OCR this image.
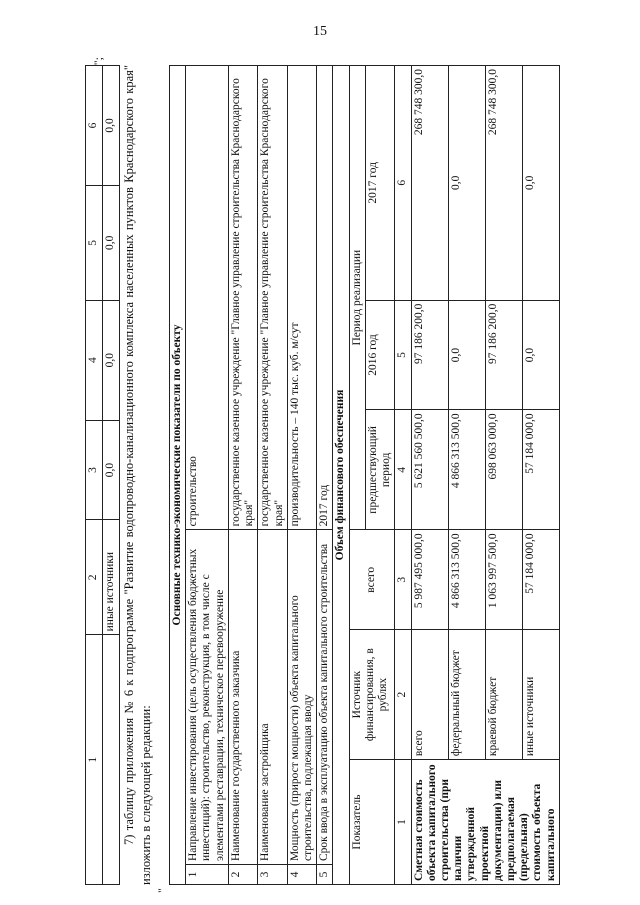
15
1	2	3	4	5	6
	иные источники	0,0	0,0	0,0	0,0
";
7) таблицу приложения № 6 к подпрограмме "Развитие водопроводно-канализационного комплекса населенных пунктов Краснодарского края" изложить в следующей редакции:
"
Основные технико-экономические показатели по объекту						
1	Направление инвестирования (цель осуществления бюджетных инвестиций): строительство, реконструкция, в том числе с элементами реставрации, техническое перевооружение			строительство		
2	Наименование государственного заказчика			государственное казенное учреждение "Главное управление строительства Краснодарского края"		
3	Наименование застройщика			государственное казенное учреждение "Главное управление строительства Краснодарского края"		
4	Мощность (прирост мощности) объекта капитального строительства, подлежащая вводу			производительность – 140 тыс. куб. м/сут		
5	Срок ввода в эксплуатацию объекта капитального строительства			2017 год		
Объем финансового обеспечения						
Показатель		Источник финансирования, в рублях	всего	Период реализации		
				предшествующий период	2016 год	2017 год
1		2	3	4	5	6
Сметная стоимость объекта капитального строительства (при наличии утвержденной проектной документации) или предполагаемая (предельная) стоимость объекта капитального		всего	5 987 495 000,0	5 621 560 500,0	97 186 200,0	268 748 300,0
		федеральный бюджет	4 866 313 500,0	4 866 313 500,0	0,0	0,0
		краевой бюджет	1 063 997 500,0	698 063 000,0	97 186 200,0	268 748 300,0
		иные источники	57 184 000,0	57 184 000,0	0,0	0,0
